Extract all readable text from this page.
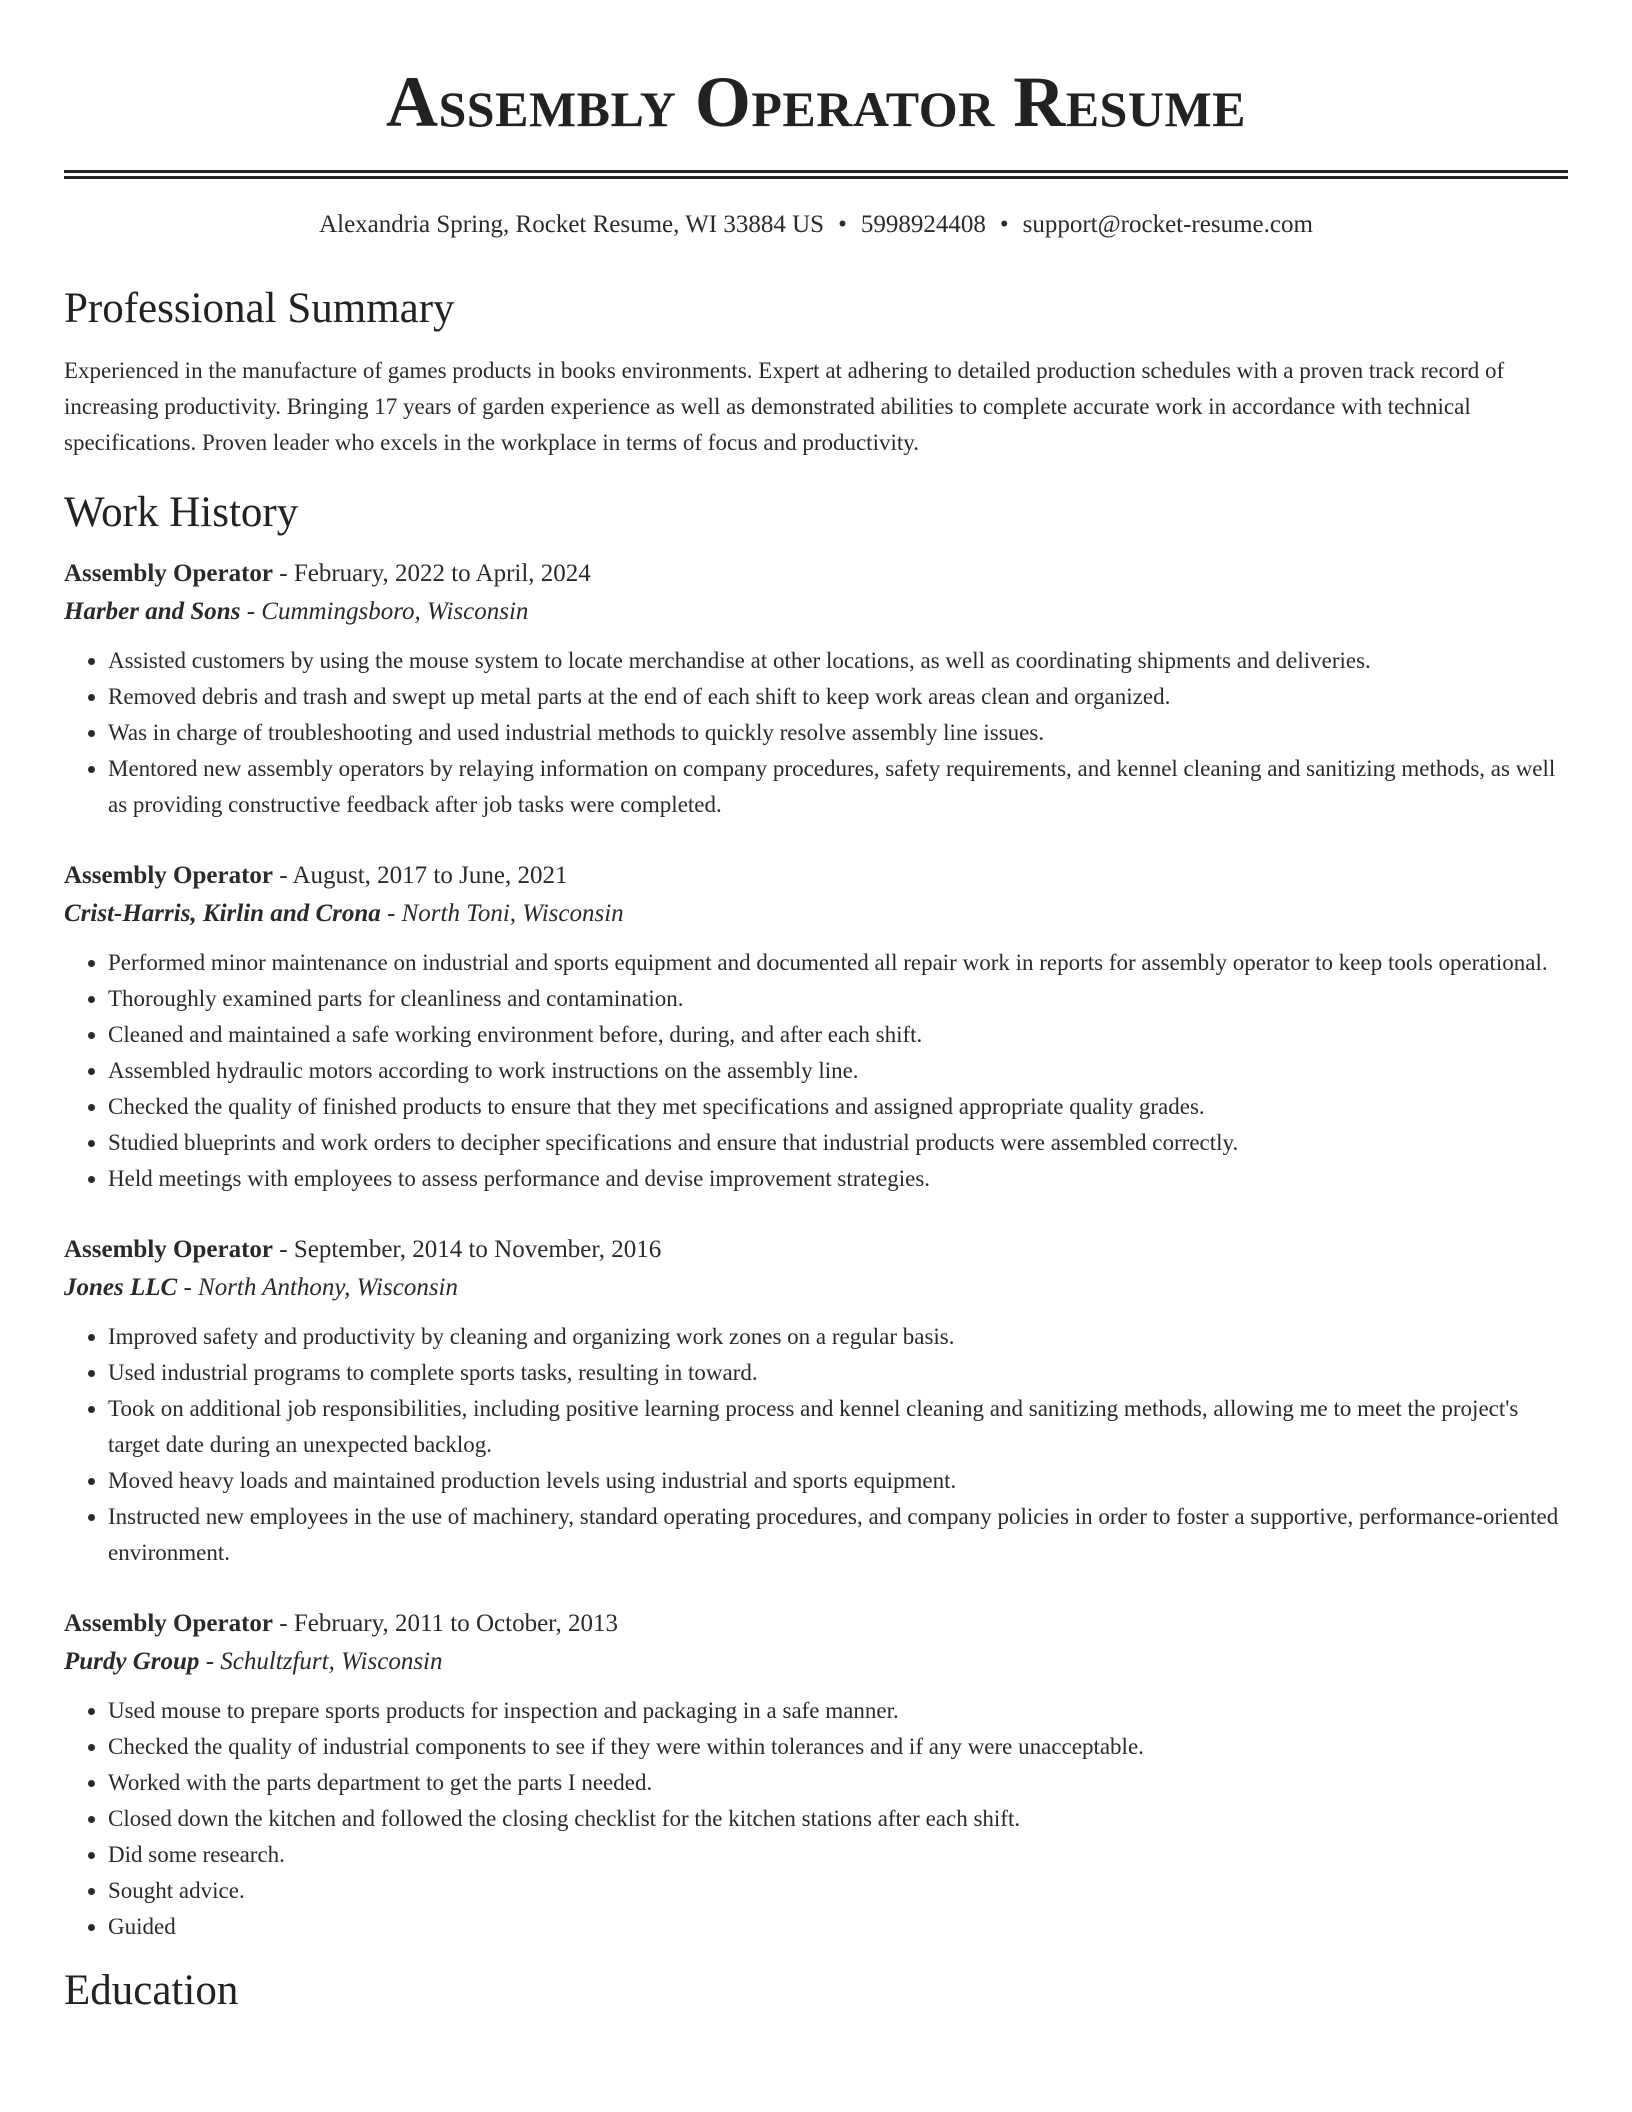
Assembly Operator Resume
Alexandria Spring, Rocket Resume, WI 33884 US • 5998924408 • support@rocket-resume.com
Professional Summary

Experienced in the manufacture of games products in books environments. Expert at adhering to detailed production schedules with a proven track record of increasing productivity. Bringing 17 years of garden experience as well as demonstrated abilities to complete accurate work in accordance with technical specifications. Proven leader who excels in the workplace in terms of focus and productivity.

Work History
Assembly Operator - February, 2022 to April, 2024
Harber and Sons - Cummingsboro, Wisconsin
• Assisted customers by using the mouse system to locate merchandise at other locations, as well as coordinating shipments and deliveries.
• Removed debris and trash and swept up metal parts at the end of each shift to keep work areas clean and organized.
• Was in charge of troubleshooting and used industrial methods to quickly resolve assembly line issues.
• Mentored new assembly operators by relaying information on company procedures, safety requirements, and kennel cleaning and sanitizing methods, as well as providing constructive feedback after job tasks were completed.
Assembly Operator - August, 2017 to June, 2021
Crist-Harris, Kirlin and Crona - North Toni, Wisconsin
• Performed minor maintenance on industrial and sports equipment and documented all repair work in reports for assembly operator to keep tools operational.
• Thoroughly examined parts for cleanliness and contamination.
• Cleaned and maintained a safe working environment before, during, and after each shift.
• Assembled hydraulic motors according to work instructions on the assembly line.
• Checked the quality of finished products to ensure that they met specifications and assigned appropriate quality grades.
• Studied blueprints and work orders to decipher specifications and ensure that industrial products were assembled correctly.
• Held meetings with employees to assess performance and devise improvement strategies.
Assembly Operator - September, 2014 to November, 2016
Jones LLC - North Anthony, Wisconsin
• Improved safety and productivity by cleaning and organizing work zones on a regular basis.
• Used industrial programs to complete sports tasks, resulting in toward.
• Took on additional job responsibilities, including positive learning process and kennel cleaning and sanitizing methods, allowing me to meet the project's target date during an unexpected backlog.
• Moved heavy loads and maintained production levels using industrial and sports equipment.
• Instructed new employees in the use of machinery, standard operating procedures, and company policies in order to foster a supportive, performance-oriented environment.
Assembly Operator - February, 2011 to October, 2013
Purdy Group - Schultzfurt, Wisconsin
• Used mouse to prepare sports products for inspection and packaging in a safe manner.
• Checked the quality of industrial components to see if they were within tolerances and if any were unacceptable.
• Worked with the parts department to get the parts I needed.
• Closed down the kitchen and followed the closing checklist for the kitchen stations after each shift.
• Did some research.
• Sought advice.
• Guided
Education
